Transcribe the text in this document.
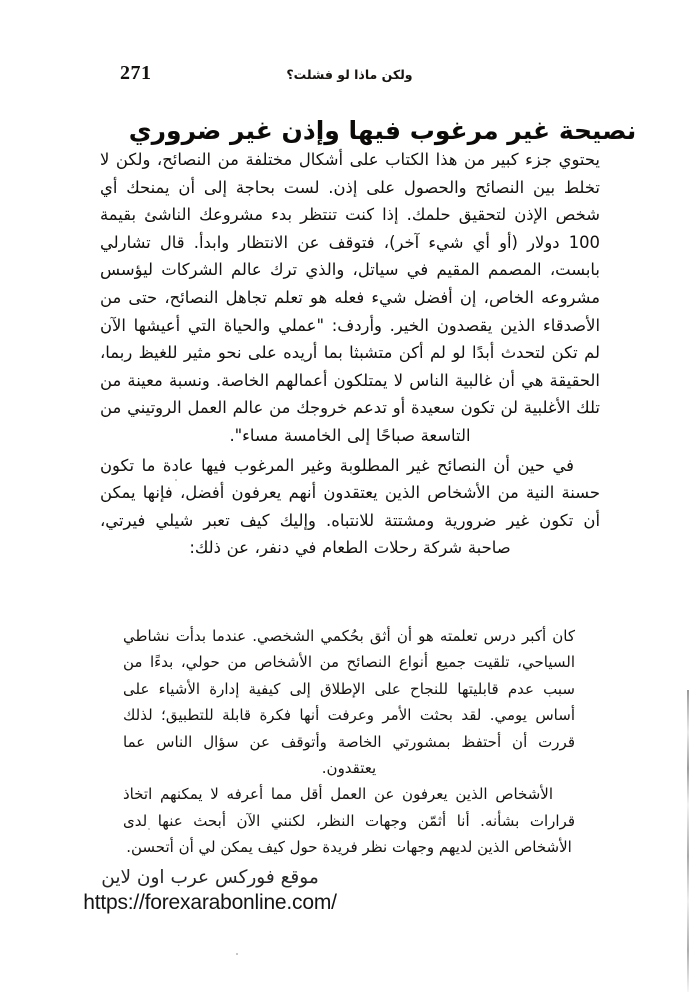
271	ولكن ماذا لو فشلت؟
نصيحة غير مرغوب فيها وإذن غير ضروري

يحتوي جزء كبير من هذا الكتاب على أشكال مختلفة من النصائح، ولكن لا تخلط بين النصائح والحصول على إذن. لست بحاجة إلى أن يمنحك أي شخص الإذن لتحقيق حلمك. إذا كنت تنتظر بدء مشروعك الناشئ بقيمة 100 دولار (أو أي شيء آخر)، فتوقف عن الانتظار وابدأ. قال تشارلي بابست، المصمم المقيم في سياتل، والذي ترك عالم الشركات ليؤسس مشروعه الخاص، إن أفضل شيء فعله هو تعلم تجاهل النصائح، حتى من الأصدقاء الذين يقصدون الخير. وأردف: "عملي والحياة التي أعيشها الآن لم تكن لتحدث أبدًا لو لم أكن متشبثا بما أريده على نحو مثير للغيظ ربما، الحقيقة هي أن غالبية الناس لا يمتلكون أعمالهم الخاصة. ونسبة معينة من تلك الأغلبية لن تكون سعيدة أو تدعم خروجك من عالم العمل الروتيني من التاسعة صباحًا إلى الخامسة مساء".

في حين أن النصائح غير المطلوبة وغير المرغوب فيها عادة ما تكون حسنة النية من الأشخاص الذين يعتقدون أنهم يعرفون أفضل، فإنها يمكن أن تكون غير ضرورية ومشتتة للانتباه. وإليك كيف تعبر شيلي فيرتي، صاحبة شركة رحلات الطعام في دنفر، عن ذلك:

كان أكبر درس تعلمته هو أن أثق بحُكمي الشخصي. عندما بدأت نشاطي السياحي، تلقيت جميع أنواع النصائح من الأشخاص من حولي، بدءًا من سبب عدم قابليتها للنجاح على الإطلاق إلى كيفية إدارة الأشياء على أساس يومي. لقد بحثت الأمر وعرفت أنها فكرة قابلة للتطبيق؛ لذلك قررت أن أحتفظ بمشورتي الخاصة وأتوقف عن سؤال الناس عما يعتقدون.

الأشخاص الذين يعرفون عن العمل أقل مما أعرفه لا يمكنهم اتخاذ قرارات بشأنه. أنا أثمّن وجهات النظر، لكنني الآن أبحث عنها لدى الأشخاص الذين لديهم وجهات نظر فريدة حول كيف يمكن لي أن أتحسن.

موقع فوركس عرب اون لاين
https://forexarabonline.com/
